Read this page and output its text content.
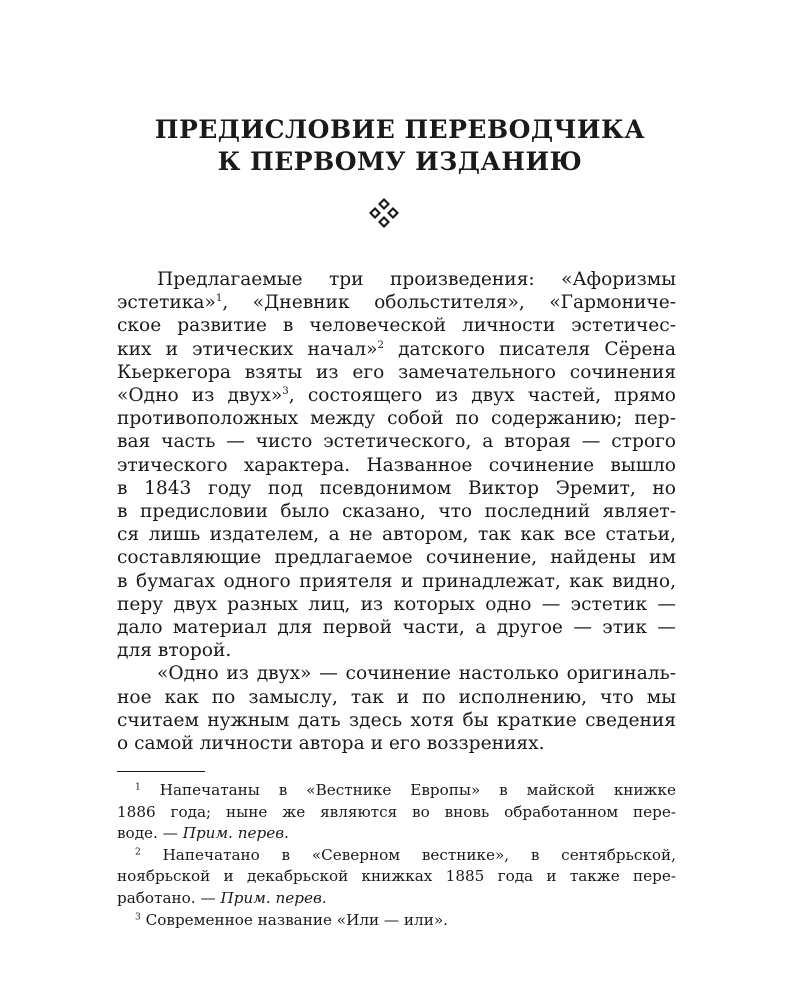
ПРЕДИСЛОВИЕ ПЕРЕВОДЧИКА
К ПЕРВОМУ ИЗДАНИЮ
Предлагаемые три произведения: «Афоризмы
эстетика»$^1$, «Дневник обольстителя», «Гармониче-
ское развитие в человеческой личности эстетичес-
ких и этических начал»$^2$ датского писателя Сёрена
Кьеркегора взяты из его замечательного сочинения
«Одно из двух»$^3$, состоящего из двух частей, прямо
противоположных между собой по содержанию; пер-
вая часть — чисто эстетического, а вторая — строго
этического характера. Названное сочинение вышло
в 1843 году под псевдонимом Виктор Эремит, но
в предисловии было сказано, что последний являет-
ся лишь издателем, а не автором, так как все статьи,
составляющие предлагаемое сочинение, найдены им
в бумагах одного приятеля и принадлежат, как видно,
перу двух разных лиц, из которых одно — эстетик —
дало материал для первой части, а другое — этик —
для второй.
«Одно из двух» — сочинение настолько оригиналь-
ное как по замыслу, так и по исполнению, что мы
считаем нужным дать здесь хотя бы краткие сведения
о самой личности автора и его воззрениях.
$^1$ Напечатаны в «Вестнике Европы» в майской книжке
1886 года; ныне же являются во вновь обработанном пере-
воде. — Прим. перев.
$^2$ Напечатано в «Северном вестнике», в сентябрьской,
ноябрьской и декабрьской книжках 1885 года и также пере-
работано. — Прим. перев.
$^3$ Современное название «Или — или».
